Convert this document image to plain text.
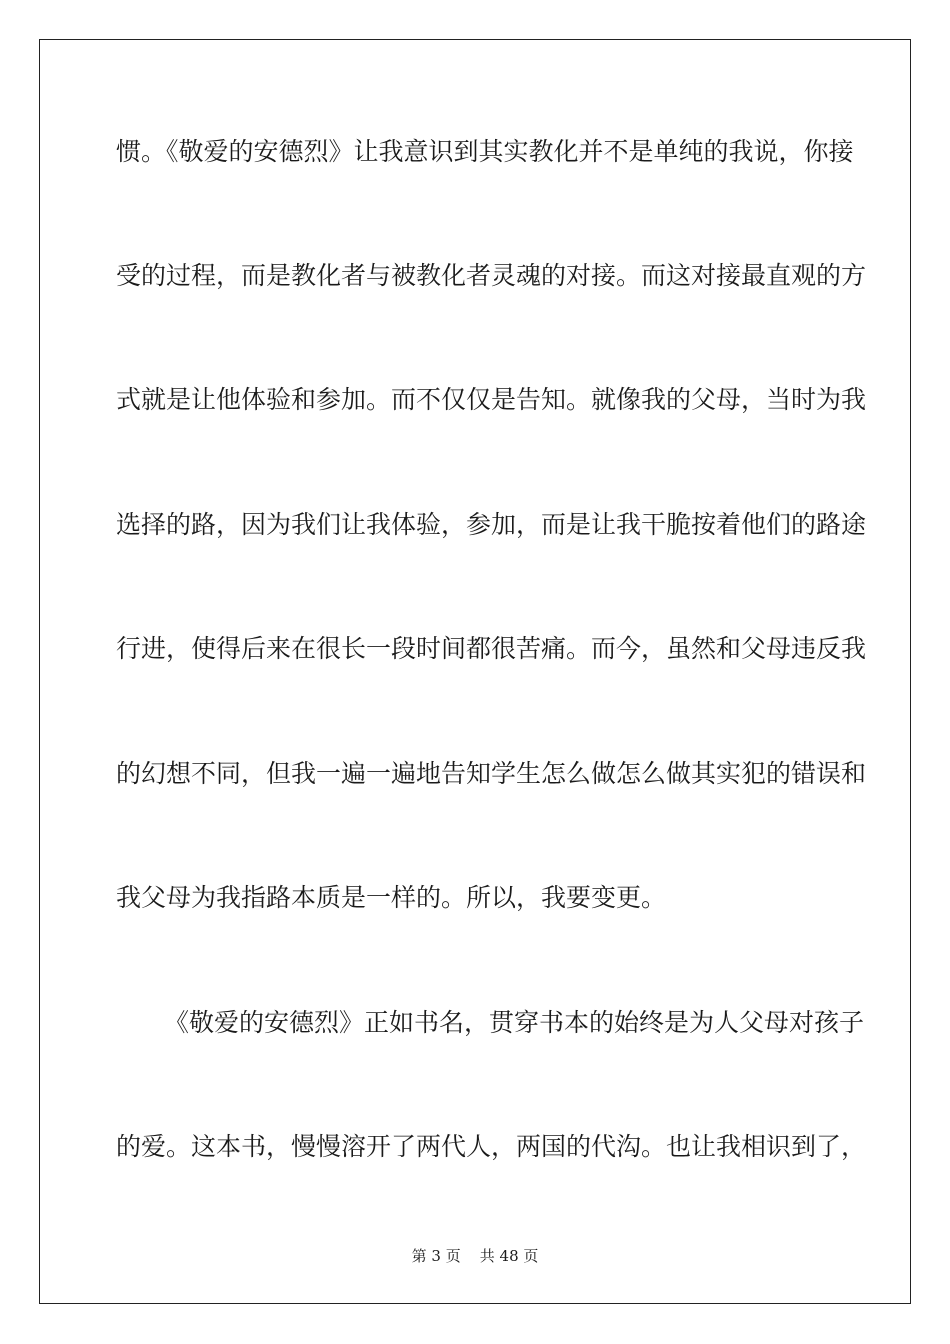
惯。《敬爱的安德烈》让我意识到其实教化并不是单纯的我说，你接
受的过程，而是教化者与被教化者灵魂的对接。而这对接最直观的方
式就是让他体验和参加。而不仅仅是告知。就像我的父母，当时为我
选择的路，因为我们让我体验，参加，而是让我干脆按着他们的路途
行进，使得后来在很长一段时间都很苦痛。而今，虽然和父母违反我
的幻想不同，但我一遍一遍地告知学生怎么做怎么做其实犯的错误和
我父母为我指路本质是一样的。所以，我要变更。
《敬爱的安德烈》正如书名，贯穿书本的始终是为人父母对孩子
的爱。这本书，慢慢溶开了两代人，两国的代沟。也让我相识到了，
第 3 页    共 48 页
